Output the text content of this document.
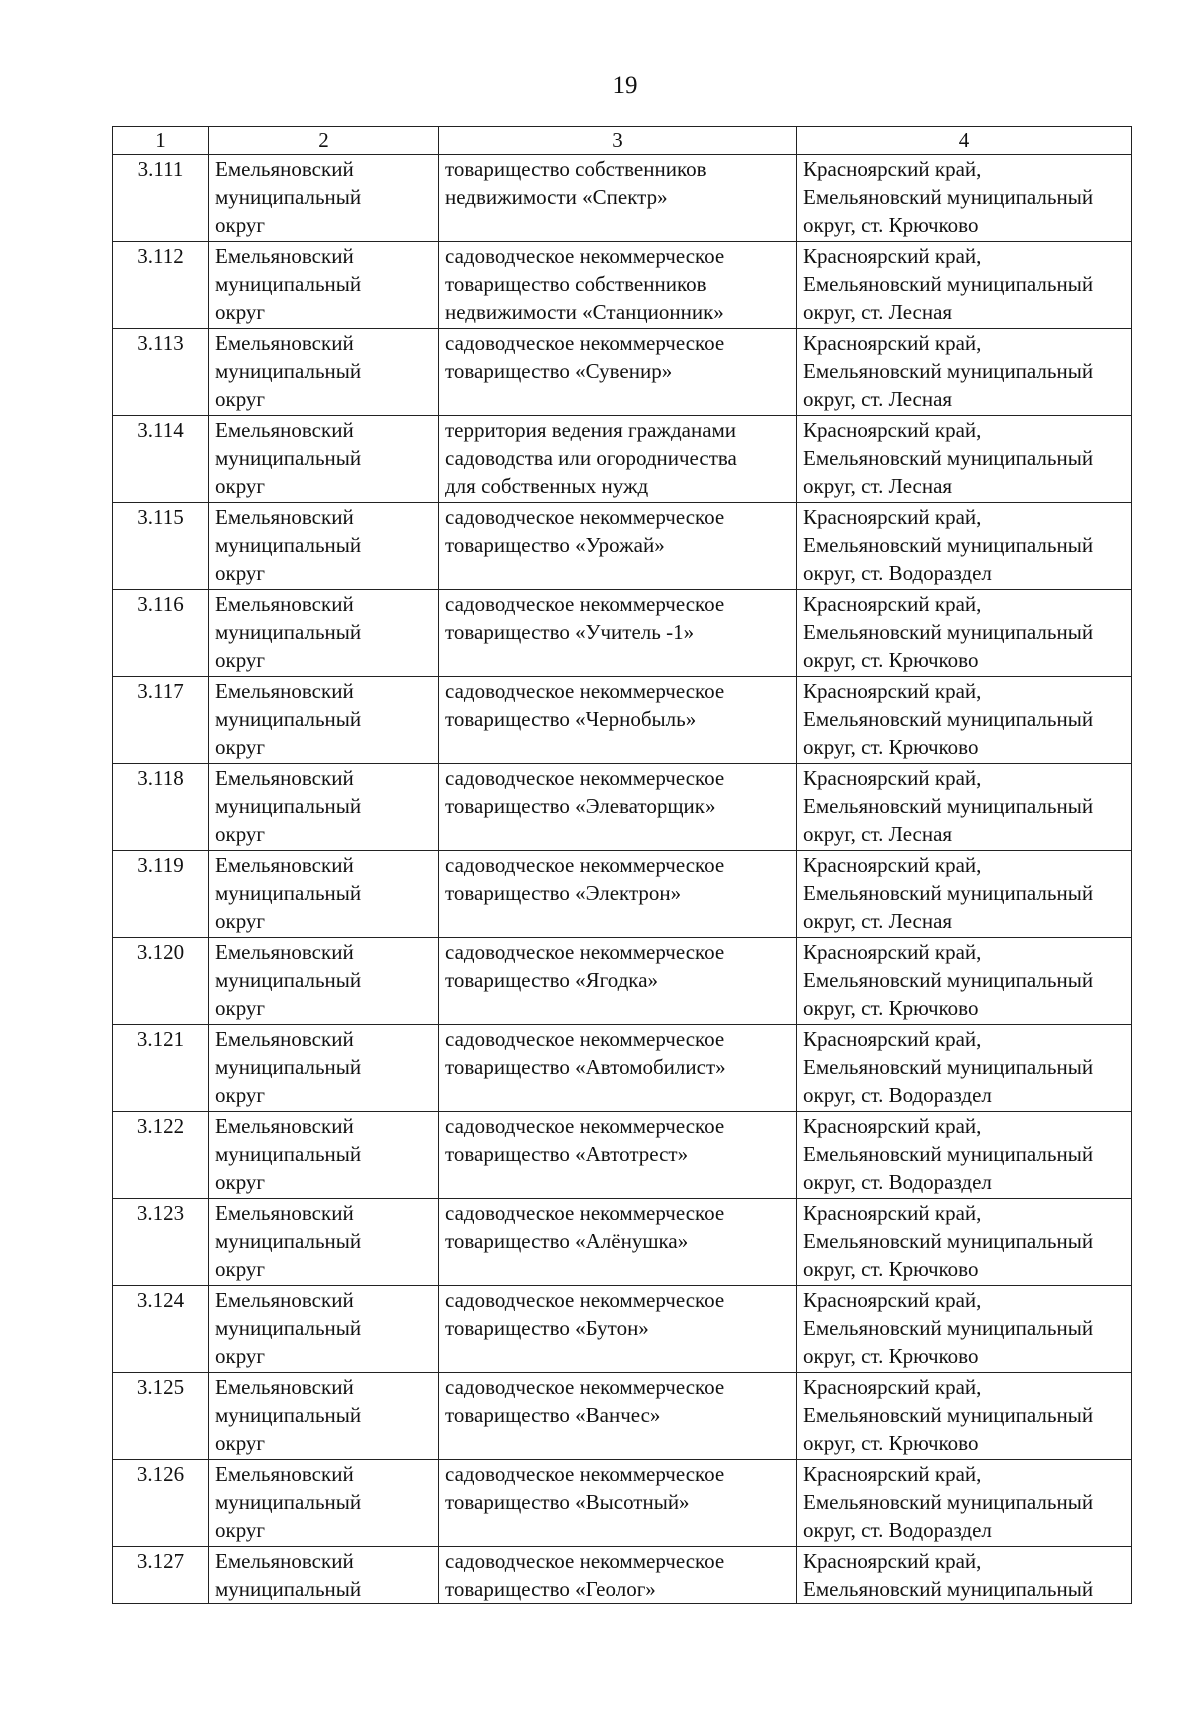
19
1	2	3	4
3.111	Емельяновский
муниципальный
округ	товарищество собственников
недвижимости «Спектр»	Красноярский край,
Емельяновский муниципальный
округ, ст. Крючково

3.112	Емельяновский
муниципальный
округ	садоводческое некоммерческое
товарищество собственников
недвижимости «Станционник»	Красноярский край,
Емельяновский муниципальный
округ, ст. Лесная

3.113	Емельяновский
муниципальный
округ	садоводческое некоммерческое
товарищество «Сувенир»	Красноярский край,
Емельяновский муниципальный
округ, ст. Лесная

3.114	Емельяновский
муниципальный
округ	территория ведения гражданами
садоводства или огородничества
для собственных нужд	Красноярский край,
Емельяновский муниципальный
округ, ст. Лесная

3.115	Емельяновский
муниципальный
округ	садоводческое некоммерческое
товарищество «Урожай»	Красноярский край,
Емельяновский муниципальный
округ, ст. Водораздел

3.116	Емельяновский
муниципальный
округ	садоводческое некоммерческое
товарищество «Учитель -1»	Красноярский край,
Емельяновский муниципальный
округ, ст. Крючково

3.117	Емельяновский
муниципальный
округ	садоводческое некоммерческое
товарищество «Чернобыль»	Красноярский край,
Емельяновский муниципальный
округ, ст. Крючково

3.118	Емельяновский
муниципальный
округ	садоводческое некоммерческое
товарищество «Элеваторщик»	Красноярский край,
Емельяновский муниципальный
округ, ст. Лесная

3.119	Емельяновский
муниципальный
округ	садоводческое некоммерческое
товарищество «Электрон»	Красноярский край,
Емельяновский муниципальный
округ, ст. Лесная

3.120	Емельяновский
муниципальный
округ	садоводческое некоммерческое
товарищество «Ягодка»	Красноярский край,
Емельяновский муниципальный
округ, ст. Крючково

3.121	Емельяновский
муниципальный
округ	садоводческое некоммерческое
товарищество «Автомобилист»	Красноярский край,
Емельяновский муниципальный
округ, ст. Водораздел

3.122	Емельяновский
муниципальный
округ	садоводческое некоммерческое
товарищество «Автотрест»	Красноярский край,
Емельяновский муниципальный
округ, ст. Водораздел

3.123	Емельяновский
муниципальный
округ	садоводческое некоммерческое
товарищество «Алёнушка»	Красноярский край,
Емельяновский муниципальный
округ, ст. Крючково

3.124	Емельяновский
муниципальный
округ	садоводческое некоммерческое
товарищество «Бутон»	Красноярский край,
Емельяновский муниципальный
округ, ст. Крючково

3.125	Емельяновский
муниципальный
округ	садоводческое некоммерческое
товарищество «Ванчес»	Красноярский край,
Емельяновский муниципальный
округ, ст. Крючково

3.126	Емельяновский
муниципальный
округ	садоводческое некоммерческое
товарищество «Высотный»	Красноярский край,
Емельяновский муниципальный
округ, ст. Водораздел

3.127	Емельяновский
муниципальный	садоводческое некоммерческое
товарищество «Геолог»	Красноярский край,
Емельяновский муниципальный
